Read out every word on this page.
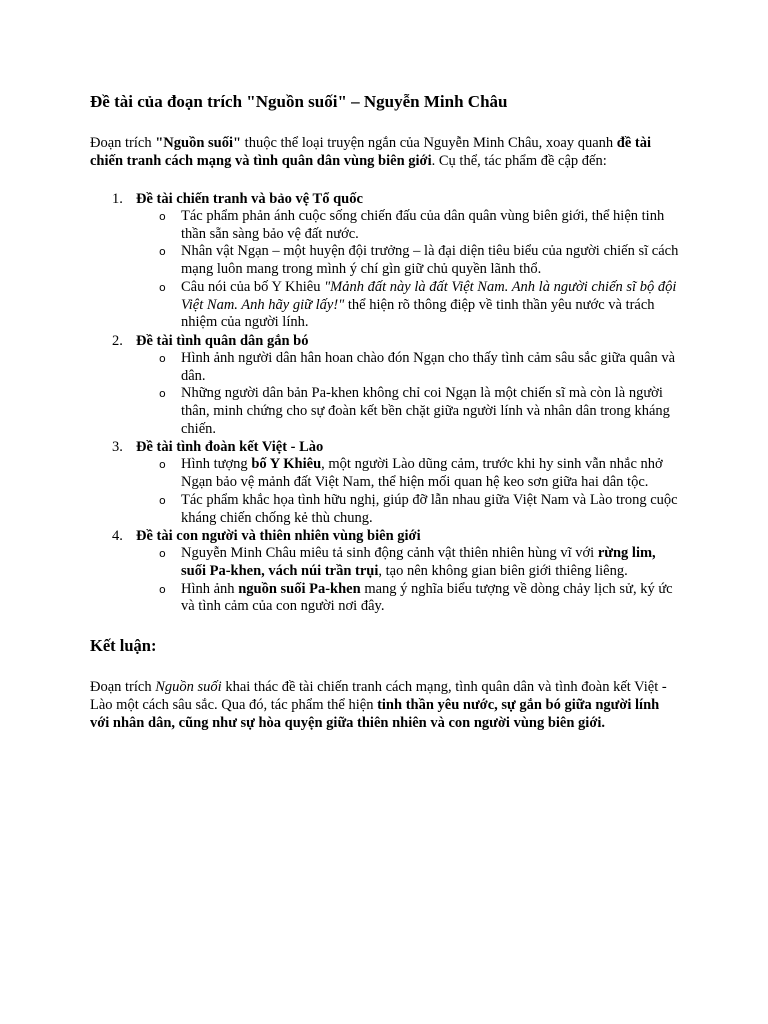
Đề tài của đoạn trích "Nguồn suối" – Nguyễn Minh Châu

Đoạn trích "Nguồn suối" thuộc thể loại truyện ngắn của Nguyễn Minh Châu, xoay quanh đề tài chiến tranh cách mạng và tình quân dân vùng biên giới. Cụ thể, tác phẩm đề cập đến:

1. Đề tài chiến tranh và bảo vệ Tổ quốc
o Tác phẩm phản ánh cuộc sống chiến đấu của dân quân vùng biên giới, thể hiện tinh thần sẵn sàng bảo vệ đất nước.
o Nhân vật Ngạn – một huyện đội trưởng – là đại diện tiêu biểu của người chiến sĩ cách mạng luôn mang trong mình ý chí gìn giữ chủ quyền lãnh thổ.
o Câu nói của bố Y Khiêu "Mảnh đất này là đất Việt Nam. Anh là người chiến sĩ bộ đội Việt Nam. Anh hãy giữ lấy!" thể hiện rõ thông điệp về tinh thần yêu nước và trách nhiệm của người lính.
2. Đề tài tình quân dân gắn bó
o Hình ảnh người dân hân hoan chào đón Ngạn cho thấy tình cảm sâu sắc giữa quân và dân.
o Những người dân bản Pa-khen không chỉ coi Ngạn là một chiến sĩ mà còn là người thân, minh chứng cho sự đoàn kết bền chặt giữa người lính và nhân dân trong kháng chiến.
3. Đề tài tình đoàn kết Việt - Lào
o Hình tượng bố Y Khiêu, một người Lào dũng cảm, trước khi hy sinh vẫn nhắc nhở Ngạn bảo vệ mảnh đất Việt Nam, thể hiện mối quan hệ keo sơn giữa hai dân tộc.
o Tác phẩm khắc họa tình hữu nghị, giúp đỡ lẫn nhau giữa Việt Nam và Lào trong cuộc kháng chiến chống kẻ thù chung.
4. Đề tài con người và thiên nhiên vùng biên giới
o Nguyễn Minh Châu miêu tả sinh động cảnh vật thiên nhiên hùng vĩ với rừng lim, suối Pa-khen, vách núi trần trụi, tạo nên không gian biên giới thiêng liêng.
o Hình ảnh nguồn suối Pa-khen mang ý nghĩa biểu tượng về dòng chảy lịch sử, ký ức và tình cảm của con người nơi đây.
Kết luận:

Đoạn trích Nguồn suối khai thác đề tài chiến tranh cách mạng, tình quân dân và tình đoàn kết Việt - Lào một cách sâu sắc. Qua đó, tác phẩm thể hiện tinh thần yêu nước, sự gắn bó giữa người lính với nhân dân, cũng như sự hòa quyện giữa thiên nhiên và con người vùng biên giới.
